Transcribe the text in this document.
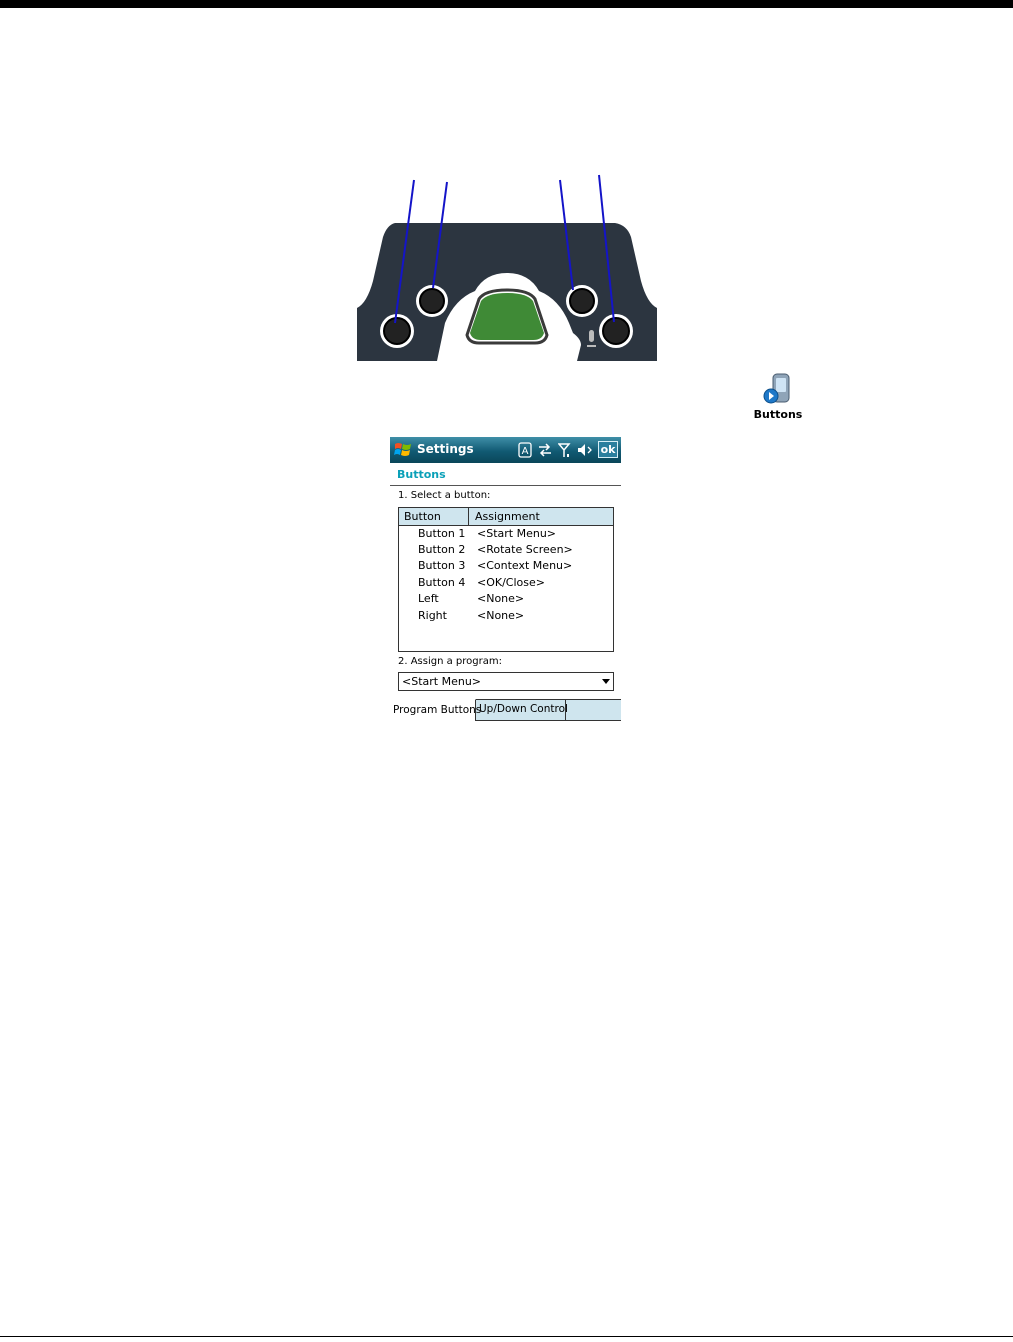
Buttons
Settings	A	ok
Buttons
1. Select a button:
Button	Assignment
Button 1 <Start Menu>
Button 2 <Rotate Screen>
Button 3 <Context Menu>
Button 4 <OK/Close>
Left	<None>
Right	<None>
2. Assign a program:
<Start Menu>
Program Buttons
Up/Down Control
